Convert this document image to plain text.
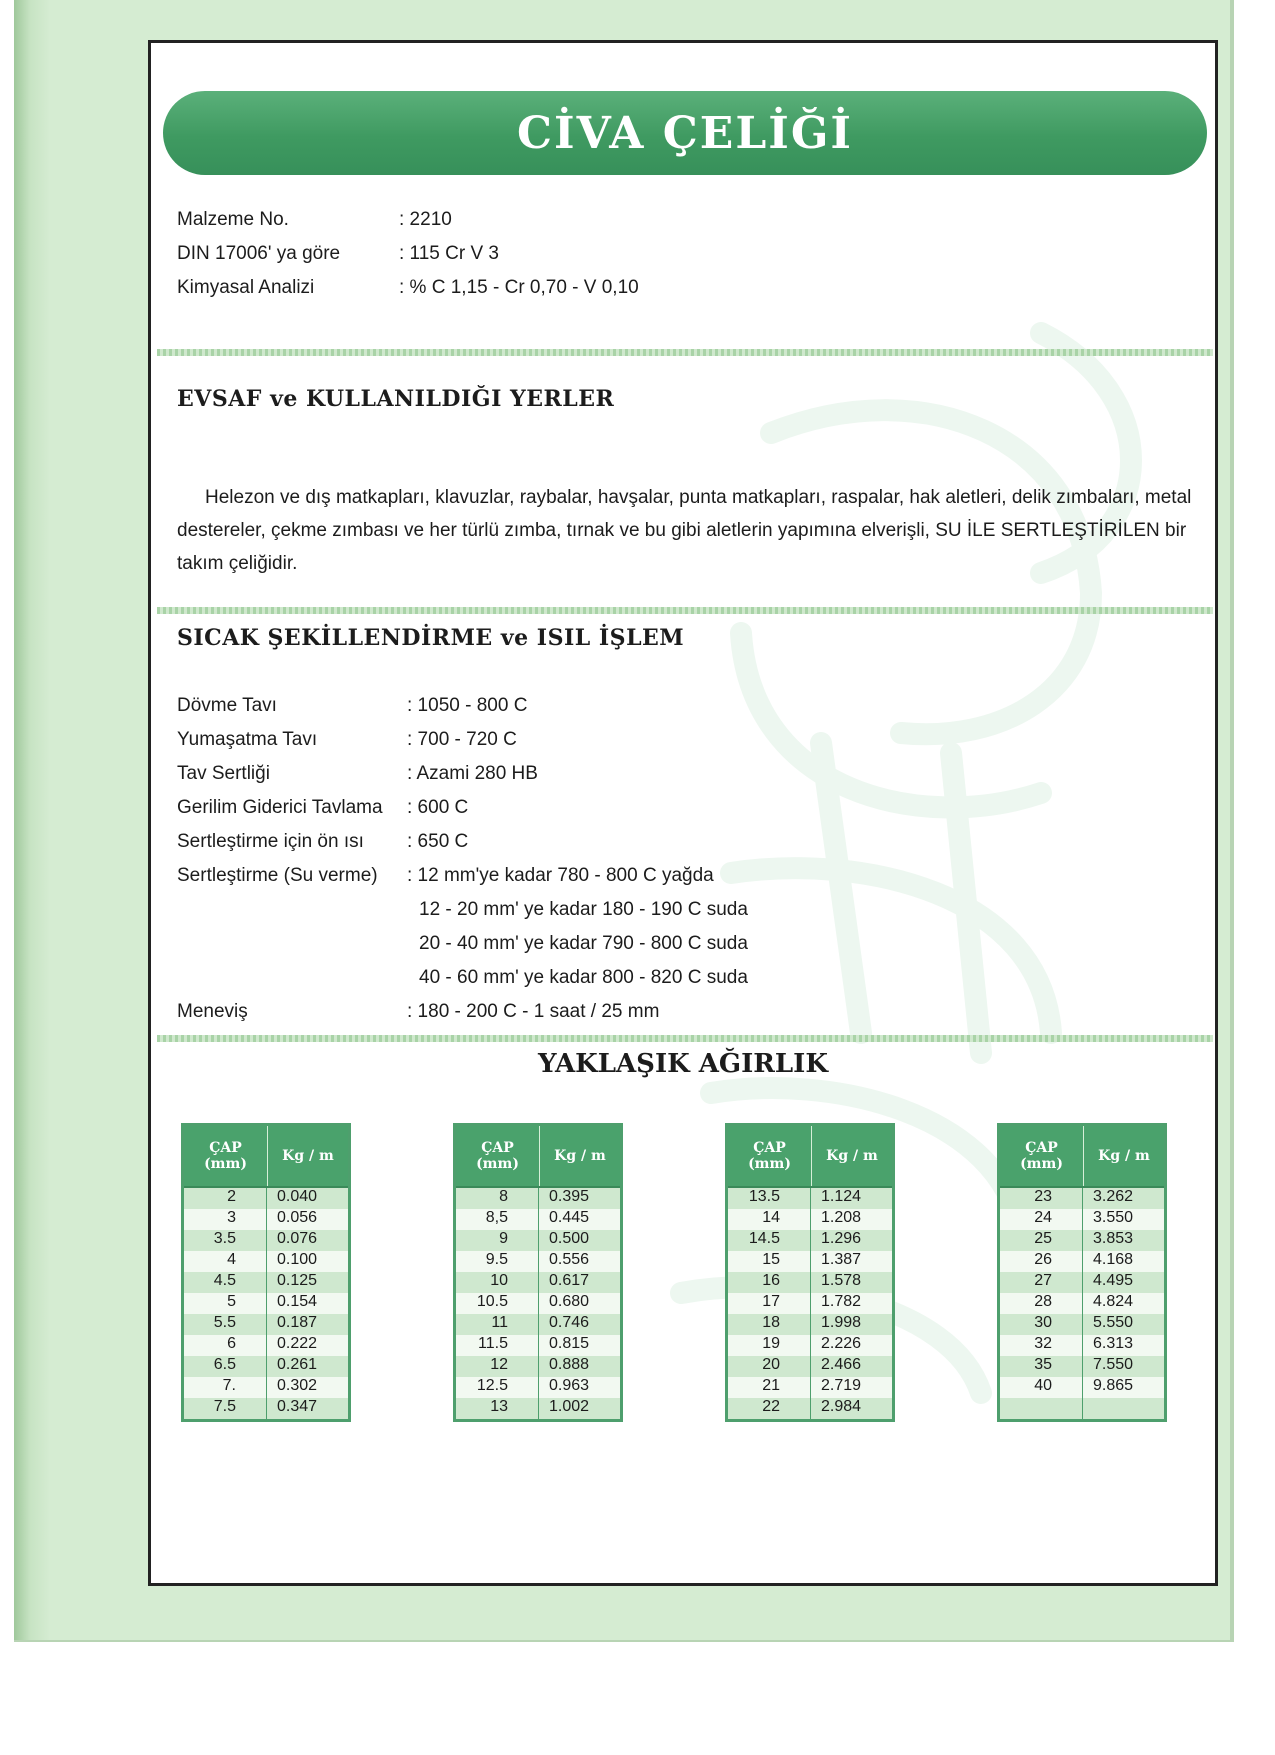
CİVA ÇELİĞİ
Malzeme No.	: 2210
DIN 17006' ya göre	: 115 Cr V 3
Kimyasal Analizi	: % C 1,15 - Cr 0,70 - V 0,10
EVSAF ve KULLANILDIĞI YERLER

Helezon ve dış matkapları, klavuzlar, raybalar, havşalar, punta matkapları, raspalar, hak aletleri, delik zımbaları, metal destereler, çekme zımbası ve her türlü zımba, tırnak ve bu gibi aletlerin yapımına elverişli, SU İLE SERTLEŞTİRİLEN bir takım çeliğidir.

SICAK ŞEKİLLENDİRME ve ISIL İŞLEM
Dövme Tavı	: 1050 - 800 C
Yumaşatma Tavı	: 700 - 720 C
Tav Sertliği	: Azami 280 HB
Gerilim Giderici Tavlama : 600 C
Sertleştirme için ön ısı : 650 C
Sertleştirme (Su verme) : 12 mm'ye kadar 780 - 800 C yağda
12 - 20 mm' ye kadar 180 - 190 C suda
20 - 40 mm' ye kadar 790 - 800 C suda
40 - 60 mm' ye kadar 800 - 820 C suda
Meneviş	: 180 - 200 C - 1 saat / 25 mm
YAKLAŞIK AĞIRLIK
ÇAP
(mm)	Kg / m
2	0.040
3	0.056
3.5	0.076
4	0.100
4.5	0.125
5	0.154
5.5	0.187
6	0.222
6.5	0.261
7.	0.302
7.5	0.347
ÇAP
(mm)	Kg / m
8	0.395
8,5	0.445
9	0.500
9.5	0.556
10	0.617
10.5	0.680
11	0.746
11.5	0.815
12	0.888
12.5	0.963
13	1.002
ÇAP
(mm)	Kg / m
13.5	1.124
14	1.208
14.5	1.296
15	1.387
16	1.578
17	1.782
18	1.998
19	2.226
20	2.466
21	2.719
22	2.984
ÇAP
(mm)	Kg / m
23	3.262
24	3.550
25	3.853
26	4.168
27	4.495
28	4.824
30	5.550
32	6.313
35	7.550
40	9.865
